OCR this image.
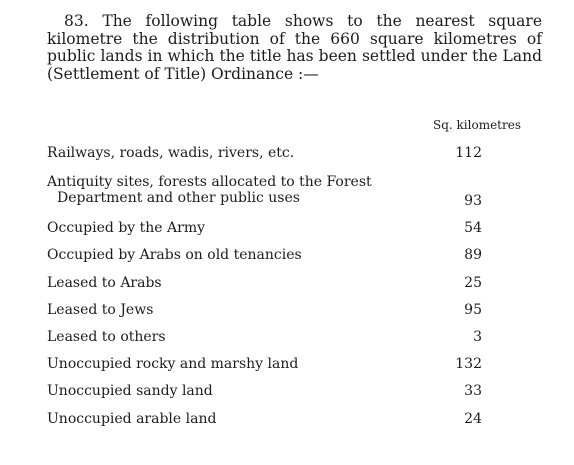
83. The following table shows to the nearest square kilometre the distribution of the 660 square kilometres of public lands in which the title has been settled under the Land (Settlement of Title) Ordinance :—

Sq. kilometres
Railways, roads, wadis, rivers, etc.	112
Antiquity sites, forests allocated to the Forest
Department and other public uses	93
Occupied by the Army	54
Occupied by Arabs on old tenancies	89
Leased to Arabs	25
Leased to Jews	95
Leased to others	3
Unoccupied rocky and marshy land	132
Unoccupied sandy land	33
Unoccupied arable land	24
